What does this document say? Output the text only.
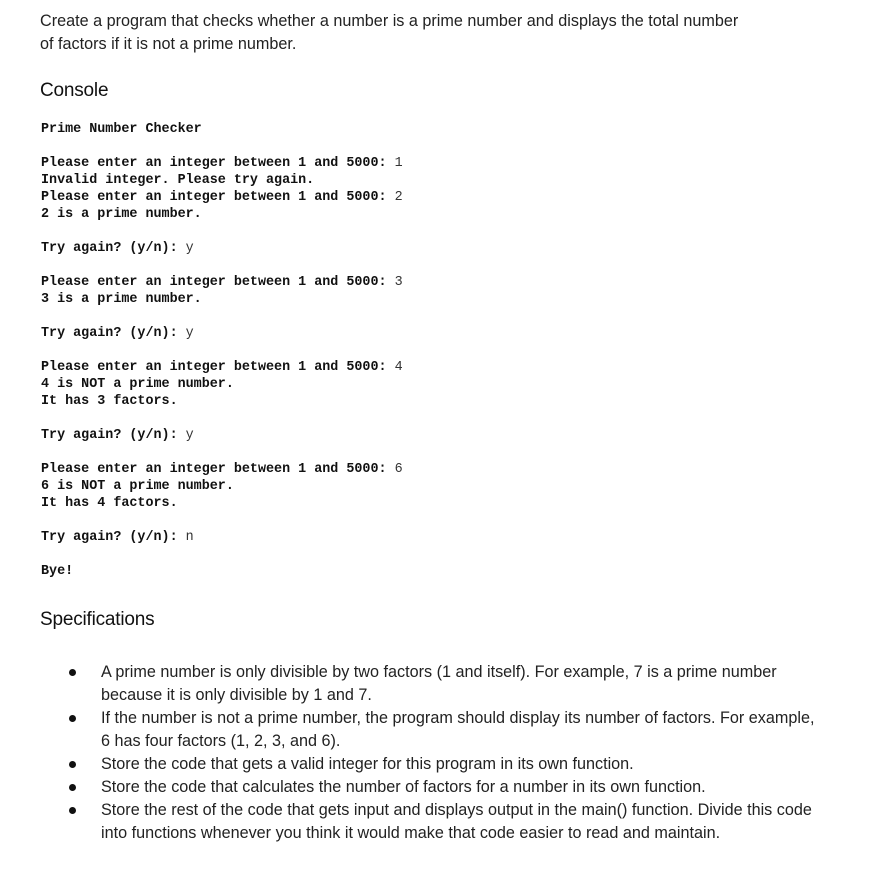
Create a program that checks whether a number is a prime number and displays the total number of factors if it is not a prime number.
Console
Prime Number Checker
Please enter an integer between 1 and 5000: 1
Invalid integer. Please try again.
Please enter an integer between 1 and 5000: 2
2 is a prime number.
Try again? (y/n): y
Please enter an integer between 1 and 5000: 3
3 is a prime number.
Try again? (y/n): y
Please enter an integer between 1 and 5000: 4
4 is NOT a prime number.
It has 3 factors.
Try again? (y/n): y
Please enter an integer between 1 and 5000: 6
6 is NOT a prime number.
It has 4 factors.
Try again? (y/n): n
Bye!
Specifications
A prime number is only divisible by two factors (1 and itself). For example, 7 is a prime number because it is only divisible by 1 and 7.
If the number is not a prime number, the program should display its number of factors. For example, 6 has four factors (1, 2, 3, and 6).
Store the code that gets a valid integer for this program in its own function.
Store the code that calculates the number of factors for a number in its own function.
Store the rest of the code that gets input and displays output in the main() function. Divide this code into functions whenever you think it would make that code easier to read and maintain.
